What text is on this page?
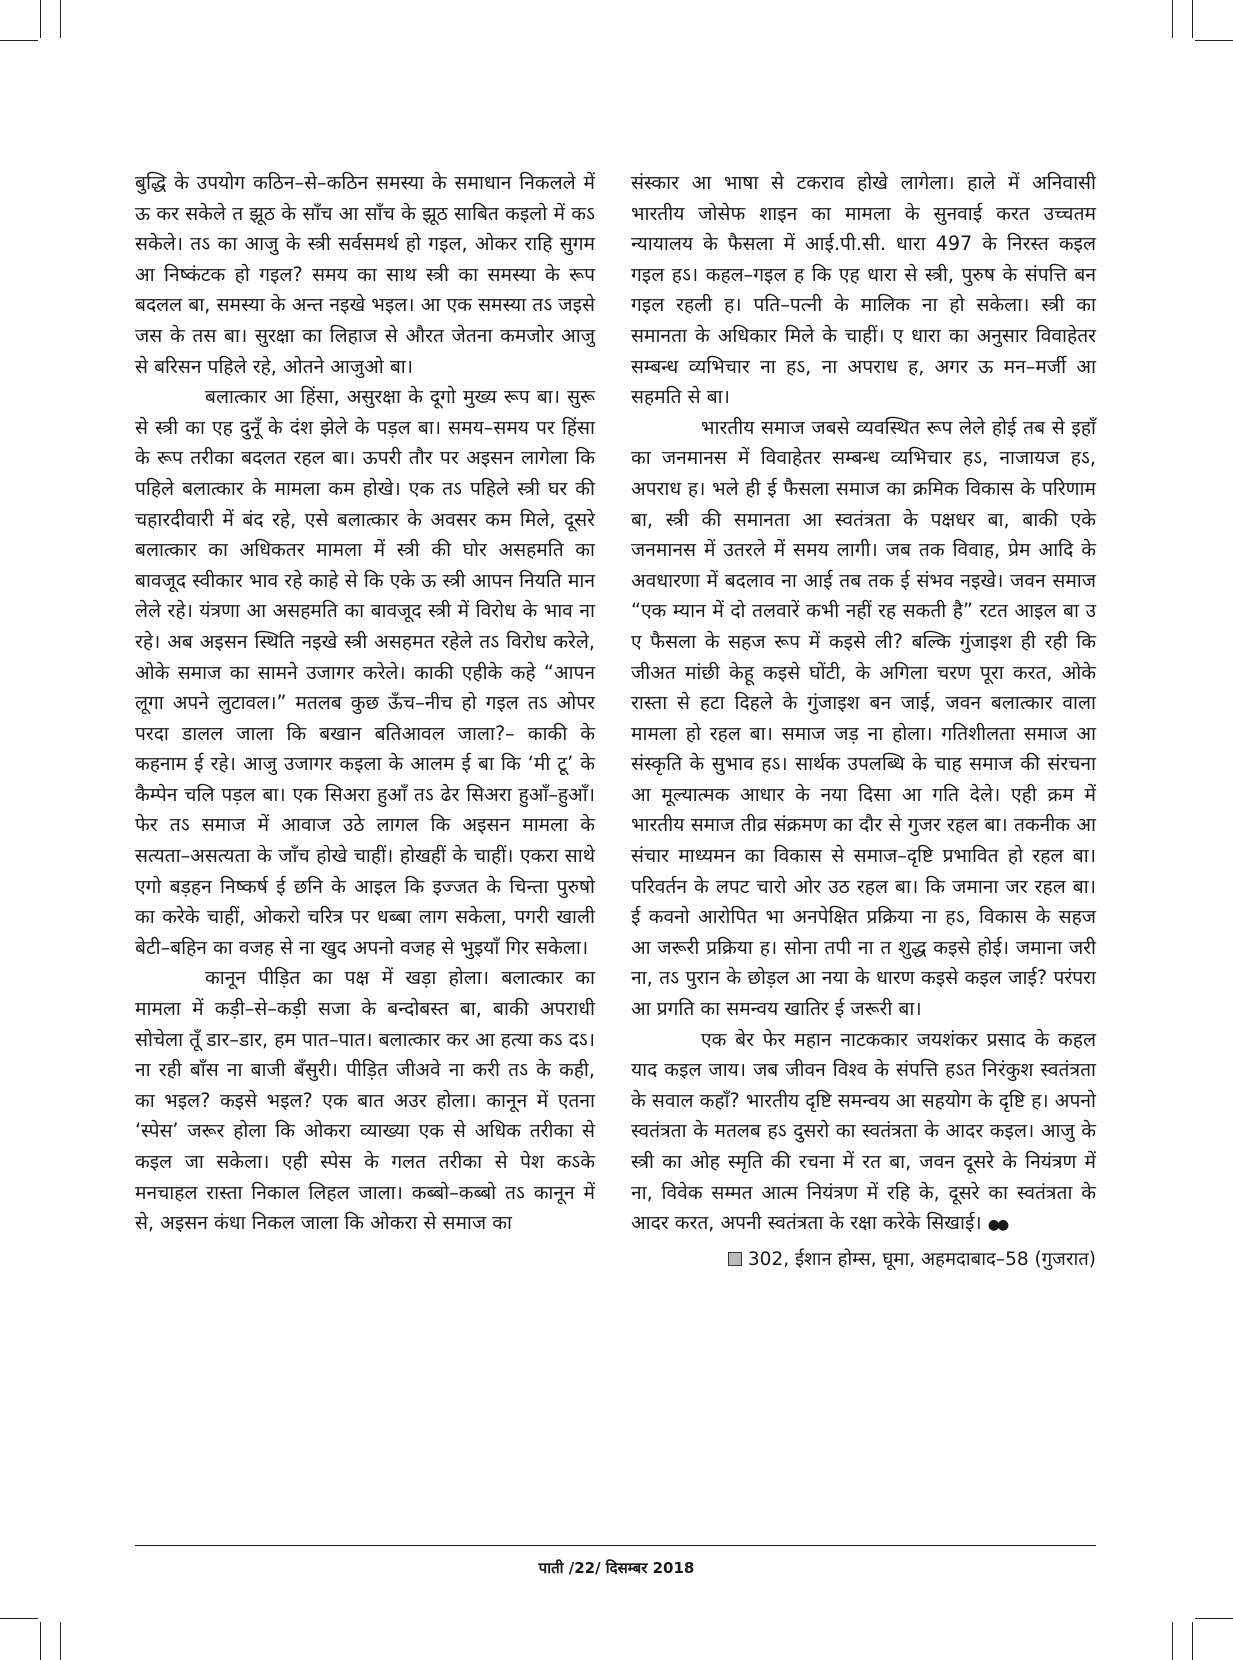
बुद्धि के उपयोग कठिन–से–कठिन समस्या के समाधान निकलले में ऊ कर सकेले त झूठ के साँच आ साँच के झूठ साबित कइलो में कऽ सकेले। तऽ का आजु के स्त्री सर्वसमर्थ हो गइल, ओकर राहि सुगम आ निष्कंटक हो गइल? समय का साथ स्त्री का समस्या के रूप बदलल बा, समस्या के अन्त नइखे भइल। आ एक समस्या तऽ जइसे जस के तस बा। सुरक्षा का लिहाज से औरत जेतना कमजोर आजु से बरिसन पहिले रहे, ओतने आजुओ बा।

बलात्कार आ हिंसा, असुरक्षा के दूगो मुख्य रूप बा। सुरू से स्त्री का एह दुनूँ के दंश झेले के पड़ल बा। समय–समय पर हिंसा के रूप तरीका बदलत रहल बा। ऊपरी तौर पर अइसन लागेला कि पहिले बलात्कार के मामला कम होखे। एक तऽ पहिले स्त्री घर की चहारदीवारी में बंद रहे, एसे बलात्कार के अवसर कम मिले, दूसरे बलात्कार का अधिकतर मामला में स्त्री की घोर असहमति का बावजूद स्वीकार भाव रहे काहे से कि एके ऊ स्त्री आपन नियति मान लेले रहे। यंत्रणा आ असहमति का बावजूद स्त्री में विरोध के भाव ना रहे। अब अइसन स्थिति नइखे स्त्री असहमत रहेले तऽ विरोध करेले, ओके समाज का सामने उजागर करेले। काकी एहीके कहे “आपन लूगा अपने लुटावल।” मतलब कुछ ऊँच–नीच हो गइल तऽ ओपर परदा डालल जाला कि बखान बतिआवल जाला?– काकी के कहनाम ई रहे। आजु उजागर कइला के आलम ई बा कि ‘मी टू’ के कैम्पेन चलि पड़ल बा। एक सिअरा हुआँ तऽ ढेर सिअरा हुआँ–हुआँ। फेर तऽ समाज में आवाज उठे लागल कि अइसन मामला के सत्यता–असत्यता के जाँच होखे चाहीं। होखहीं के चाहीं। एकरा साथे एगो बड़हन निष्कर्ष ई छनि के आइल कि इज्जत के चिन्ता पुरुषो का करेके चाहीं, ओकरो चरित्र पर धब्बा लाग सकेला, पगरी खाली बेटी–बहिन का वजह से ना खुद अपनो वजह से भुइयाँ गिर सकेला।

कानून पीड़ित का पक्ष में खड़ा होला। बलात्कार का मामला में कड़ी–से–कड़ी सजा के बन्दोबस्त बा, बाकी अपराधी सोचेला तूँ डार–डार, हम पात–पात। बलात्कार कर आ हत्या कऽ दऽ। ना रही बाँस ना बाजी बँसुरी। पीड़ित जीअवे ना करी तऽ के कही, का भइल? कइसे भइल? एक बात अउर होला। कानून में एतना ‘स्पेस’ जरूर होला कि ओकरा व्याख्या एक से अधिक तरीका से कइल जा सकेला। एही स्पेस के गलत तरीका से पेश कऽके मनचाहल रास्ता निकाल लिहल जाला। कब्बो–कब्बो तऽ कानून में से, अइसन कंधा निकल जाला कि ओकरा से समाज का

संस्कार आ भाषा से टकराव होखे लागेला। हाले में अनिवासी भारतीय जोसेफ शाइन का मामला के सुनवाई करत उच्चतम न्यायालय के फैसला में आई.पी.सी. धारा 497 के निरस्त कइल गइल हऽ। कहल–गइल ह कि एह धारा से स्त्री, पुरुष के संपत्ति बन गइल रहली ह। पति–पत्नी के मालिक ना हो सकेला। स्त्री का समानता के अधिकार मिले के चाहीं। ए धारा का अनुसार विवाहेतर सम्बन्ध व्यभिचार ना हऽ, ना अपराध ह, अगर ऊ मन–मर्जी आ सहमति से बा।

भारतीय समाज जबसे व्यवस्थित रूप लेले होई तब से इहाँ का जनमानस में विवाहेतर सम्बन्ध व्यभिचार हऽ, नाजायज हऽ, अपराध ह। भले ही ई फैसला समाज का क्रमिक विकास के परिणाम बा, स्त्री की समानता आ स्वतंत्रता के पक्षधर बा, बाकी एके जनमानस में उतरले में समय लागी। जब तक विवाह, प्रेम आदि के अवधारणा में बदलाव ना आई तब तक ई संभव नइखे। जवन समाज “एक म्यान में दो तलवारें कभी नहीं रह सकती है” रटत आइल बा उ ए फैसला के सहज रूप में कइसे ली? बल्कि गुंजाइश ही रही कि जीअत मांछी केहू कइसे घोंटी, के अगिला चरण पूरा करत, ओके रास्ता से हटा दिहले के गुंजाइश बन जाई, जवन बलात्कार वाला मामला हो रहल बा। समाज जड़ ना होला। गतिशीलता समाज आ संस्कृति के सुभाव हऽ। सार्थक उपलब्धि के चाह समाज की संरचना आ मूल्यात्मक आधार के नया दिसा आ गति देले। एही क्रम में भारतीय समाज तीव्र संक्रमण का दौर से गुजर रहल बा। तकनीक आ संचार माध्यमन का विकास से समाज–दृष्टि प्रभावित हो रहल बा। परिवर्तन के लपट चारो ओर उठ रहल बा। कि जमाना जर रहल बा। ई कवनो आरोपित भा अनपेक्षित प्रक्रिया ना हऽ, विकास के सहज आ जरूरी प्रक्रिया ह। सोना तपी ना त शुद्ध कइसे होई। जमाना जरी ना, तऽ पुरान के छोड़ल आ नया के धारण कइसे कइल जाई? परंपरा आ प्रगति का समन्वय खातिर ई जरूरी बा।

एक बेर फेर महान नाटककार जयशंकर प्रसाद के कहल याद कइल जाय। जब जीवन विश्व के संपत्ति हऽत निरंकुश स्वतंत्रता के सवाल कहाँ? भारतीय दृष्टि समन्वय आ सहयोग के दृष्टि ह। अपनो स्वतंत्रता के मतलब हऽ दुसरो का स्वतंत्रता के आदर कइल। आजु के स्त्री का ओह स्मृति की रचना में रत बा, जवन दूसरे के नियंत्रण में ना, विवेक सम्मत आत्म नियंत्रण में रहि के, दूसरे का स्वतंत्रता के आदर करत, अपनी स्वतंत्रता के रक्षा करेके सिखाई। ●●

302, ईशान होम्स, घूमा, अहमदाबाद–58 (गुजरात)
पाती /22/ दिसम्बर 2018
